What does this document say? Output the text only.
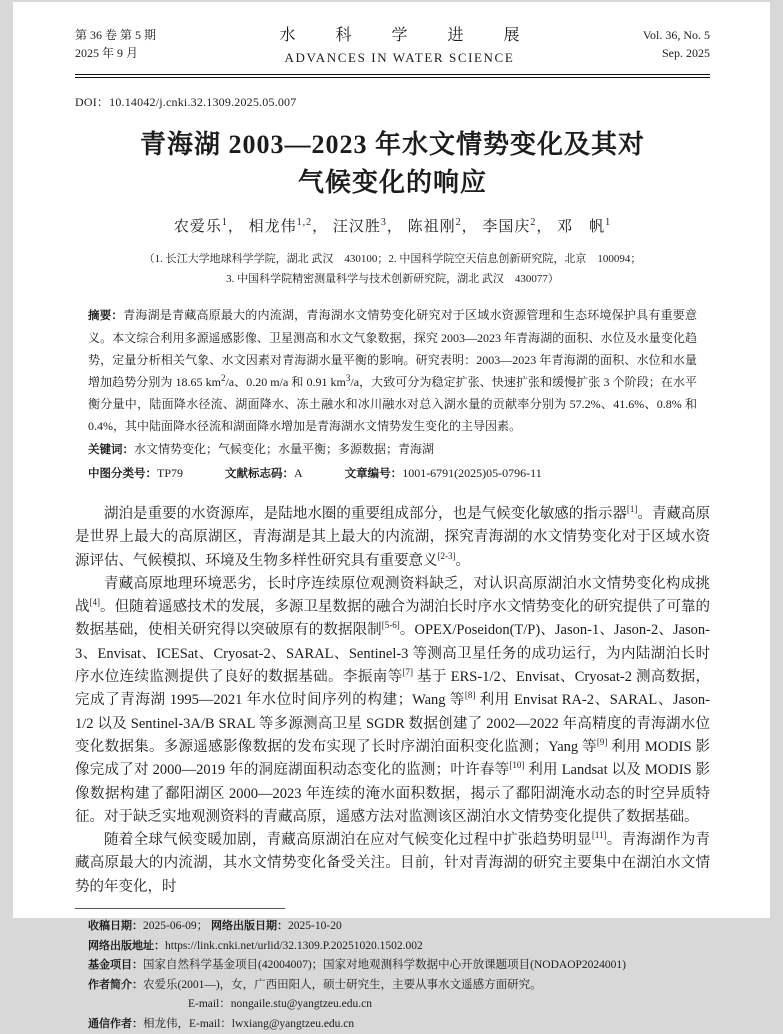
第 36 卷 第 5 期
2025 年 9 月
水 科 学 进 展
ADVANCES IN WATER SCIENCE
Vol. 36, No. 5
Sep. 2025
DOI：10.14042/j.cnki.32.1309.2025.05.007
青海湖 2003—2023 年水文情势变化及其对
气候变化的响应
农爱乐$^1$， 相龙伟$^{1,2}$， 汪汉胜$^3$， 陈祖刚$^2$， 李国庆$^2$， 邓　帆$^1$
（1. 长江大学地球科学学院，湖北 武汉　430100；2. 中国科学院空天信息创新研究院，北京　100094；
3. 中国科学院精密测量科学与技术创新研究院，湖北 武汉　430077）
摘要：青海湖是青藏高原最大的内流湖，青海湖水文情势变化研究对于区域水资源管理和生态环境保护具有重要意义。本文综合利用多源遥感影像、卫星测高和水文气象数据，探究 2003—2023 年青海湖的面积、水位及水量变化趋势，定量分析相关气象、水文因素对青海湖水量平衡的影响。研究表明：2003—2023 年青海湖的面积、水位和水量增加趋势分别为 18.65 $km^2/a$、0.20 m/a 和 0.91 $km^3/a$，大致可分为稳定扩张、快速扩张和缓慢扩张 3 个阶段；在水平衡分量中，陆面降水径流、湖面降水、冻土融水和冰川融水对总入湖水量的贡献率分别为 57.2%、41.6%、0.8% 和 0.4%，其中陆面降水径流和湖面降水增加是青海湖水文情势发生变化的主导因素。
关键词：水文情势变化；气候变化；水量平衡；多源数据；青海湖
中图分类号：TP79	文献标志码：A	文章编号：1001-6791(2025)05-0796-11

湖泊是重要的水资源库，是陆地水圈的重要组成部分，也是气候变化敏感的指示器[1]。青藏高原是世界上最大的高原湖区，青海湖是其上最大的内流湖，探究青海湖的水文情势变化对于区域水资源评估、气候模拟、环境及生物多样性研究具有重要意义[2-3]。

青藏高原地理环境恶劣，长时序连续原位观测资料缺乏，对认识高原湖泊水文情势变化构成挑战[4]。但随着遥感技术的发展，多源卫星数据的融合为湖泊长时序水文情势变化的研究提供了可靠的数据基础，使相关研究得以突破原有的数据限制[5-6]。OPEX/Poseidon(T/P)、Jason-1、Jason-2、Jason-3、Envisat、ICESat、Cryosat-2、SARAL、Sentinel-3 等测高卫星任务的成功运行，为内陆湖泊长时序水位连续监测提供了良好的数据基础。李振南等[7] 基于 ERS-1/2、Envisat、Cryosat-2 测高数据，完成了青海湖 1995—2021 年水位时间序列的构建；Wang 等[8] 利用 Envisat RA-2、SARAL、Jason-1/2 以及 Sentinel-3A/B SRAL 等多源测高卫星 SGDR 数据创建了 2002—2022 年高精度的青海湖水位变化数据集。多源遥感影像数据的发布实现了长时序湖泊面积变化监测；Yang 等[9] 利用 MODIS 影像完成了对 2000—2019 年的洞庭湖面积动态变化的监测；叶许春等[10] 利用 Landsat 以及 MODIS 影像数据构建了鄱阳湖区 2000—2023 年连续的淹水面积数据，揭示了鄱阳湖淹水动态的时空异质特征。对于缺乏实地观测资料的青藏高原，遥感方法对监测该区湖泊水文情势变化提供了数据基础。

随着全球气候变暖加剧，青藏高原湖泊在应对气候变化过程中扩张趋势明显[11]。青海湖作为青藏高原最大的内流湖，其水文情势变化备受关注。目前，针对青海湖的研究主要集中在湖泊水文情势的年变化，时

收稿日期：2025-06-09； 网络出版日期：2025-10-20
网络出版地址：https://link.cnki.net/urlid/32.1309.P.20251020.1502.002
基金项目：国家自然科学基金项目(42004007)；国家对地观测科学数据中心开放课题项目(NODAOP2024001)
作者简介：农爱乐(2001—)，女，广西田阳人，硕士研究生，主要从事水文遥感方面研究。
E-mail：nongaile.stu@yangtzeu.edu.cn
通信作者：相龙伟，E-mail：lwxiang@yangtzeu.edu.cn
